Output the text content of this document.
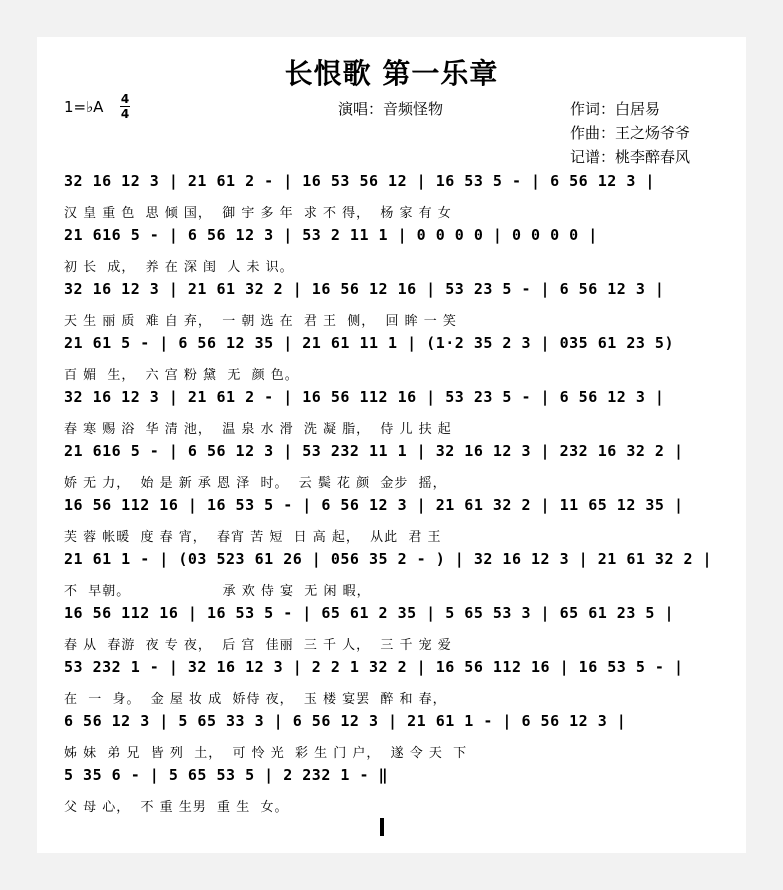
长恨歌 第一乐章
1=♭A 4
4	演唱：音频怪物	作词：白居易
作曲：王之炀爷爷
记谱：桃李醉春风
32 16 12 3 | 21 61 2 - | 16 53 56 12 | 16 53 5 - | 6 56 12 3 |
汉 皇 重 色  思 倾 国，  御 宇 多 年  求 不 得，  杨 家 有 女
21 616 5 - | 6 56 12 3 | 53 2 11 1 | 0 0 0 0 | 0 0 0 0 |
初 长  成，  养 在 深 闺  人 未 识。
32 16 12 3 | 21 61 32 2 | 16 56 12 16 | 53 23 5 - | 6 56 12 3 |
天 生 丽 质  难 自 弃，  一 朝 选 在  君 王  侧，  回 眸 一 笑
21 61 5 - | 6 56 12 35 | 21 61 11 1 | (1·2 35 2 3 | 035 61 23 5)
百 媚  生，  六 宫 粉 黛  无  颜 色。
32 16 12 3 | 21 61 2 - | 16 56 112 16 | 53 23 5 - | 6 56 12 3 |
春 寒 赐 浴  华 清 池，  温 泉 水 滑  洗 凝 脂，  侍 儿 扶 起
21 616 5 - | 6 56 12 3 | 53 232 11 1 | 32 16 12 3 | 232 16 32 2 |
娇 无 力，  始 是 新 承 恩 泽  时。  云 鬓 花 颜  金步  摇，
16 56 112 16 | 16 53 5 - | 6 56 12 3 | 21 61 32 2 | 11 65 12 35 |
芙 蓉 帐暖  度 春 宵，  春宵 苦 短  日 高 起，  从此  君 王
21 61 1 - | (03 523 61 26 | 056 35 2 - ) | 32 16 12 3 | 21 61 32 2 |
不  早朝。                  承 欢 侍 宴  无 闲 暇，
16 56 112 16 | 16 53 5 - | 65 61 2 35 | 5 65 53 3 | 65 61 23 5 |
春 从  春游  夜 专 夜，  后 宫  佳丽  三 千 人，  三 千 宠 爱
53 232 1 - | 32 16 12 3 | 2 2 1 32 2 | 16 56 112 16 | 16 53 5 - |
在  一  身。  金 屋 妆 成  娇侍 夜，  玉 楼 宴罢  醉 和 春，
6 56 12 3 | 5 65 33 3 | 6 56 12 3 | 21 61 1 - | 6 56 12 3 |
姊 妹  弟 兄  皆 列  土，  可 怜 光  彩 生 门 户，  遂 令 天  下
5 35 6 - | 5 65 53 5 | 2 232 1 - ‖
父 母 心，  不 重 生男  重 生  女。
